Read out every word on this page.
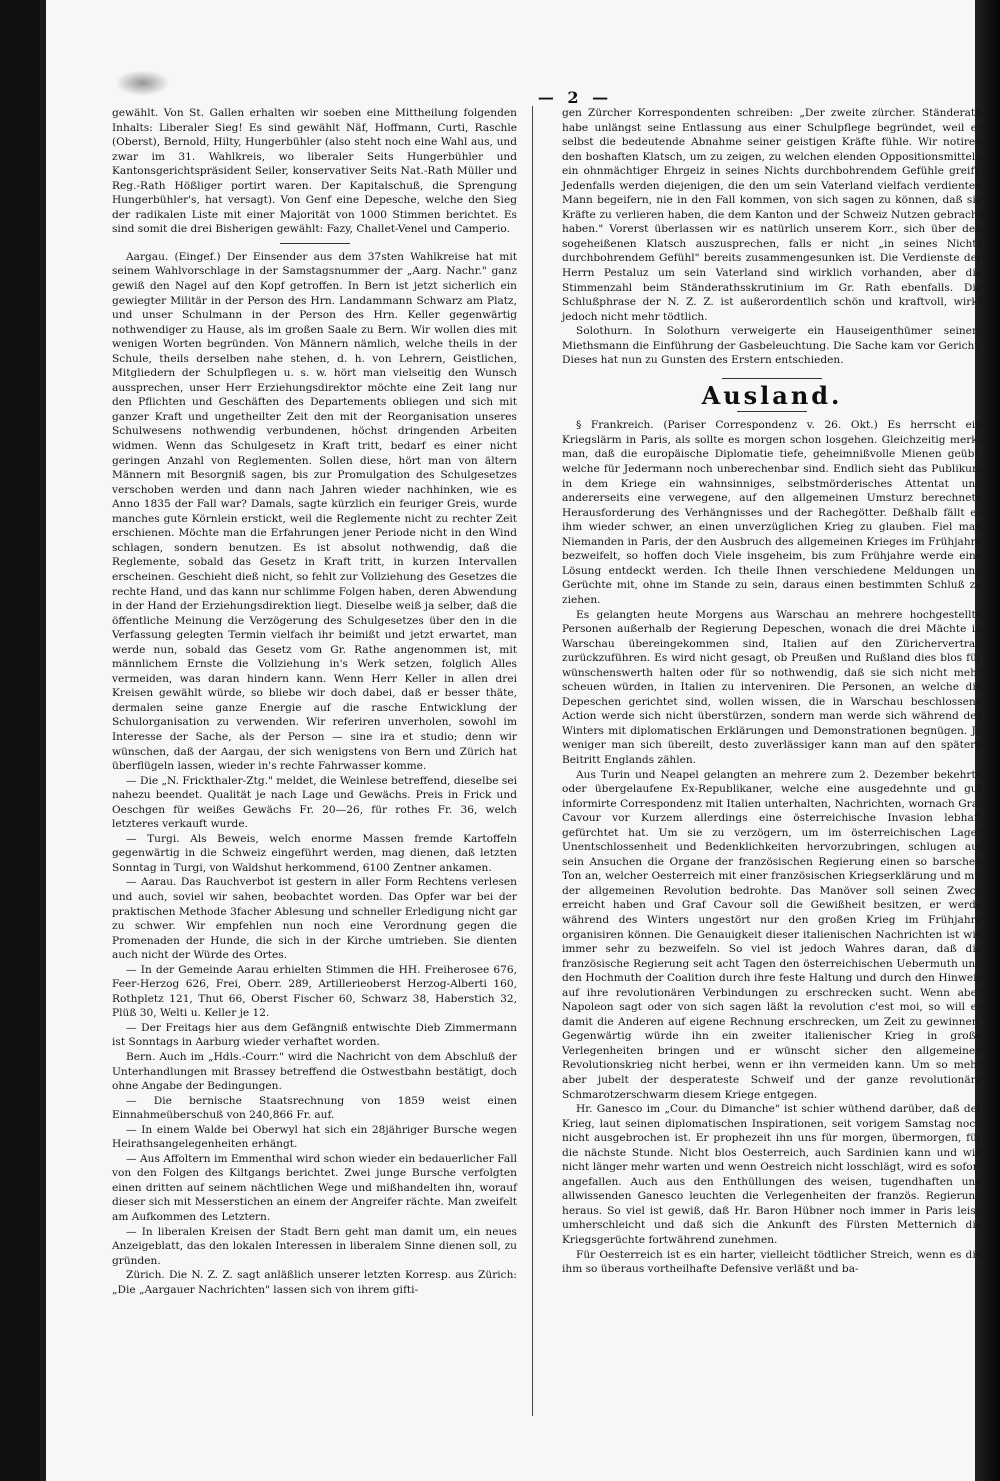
— 2 —

gewählt. Von St. Gallen erhalten wir soeben eine Mittheilung folgenden Inhalts: Liberaler Sieg! Es sind gewählt Näf, Hoffmann, Curti, Raschle (Oberst), Bernold, Hilty, Hungerbühler (also steht noch eine Wahl aus, und zwar im 31. Wahlkreis, wo liberaler Seits Hungerbühler und Kantonsgerichtspräsident Seiler, konservativer Seits Nat.-Rath Müller und Reg.-Rath Hößliger portirt waren. Der Kapitalschuß, die Sprengung Hungerbühler's, hat versagt). Von Genf eine Depesche, welche den Sieg der radikalen Liste mit einer Majorität von 1000 Stimmen berichtet. Es sind somit die drei Bisherigen gewählt: Fazy, Challet-Venel und Camperio.

Aargau. (Eingef.) Der Einsender aus dem 37sten Wahlkreise hat mit seinem Wahlvorschlage in der Samstagsnummer der „Aarg. Nachr." ganz gewiß den Nagel auf den Kopf getroffen. In Bern ist jetzt sicherlich ein gewiegter Militär in der Person des Hrn. Landammann Schwarz am Platz, und unser Schulmann in der Person des Hrn. Keller gegenwärtig nothwendiger zu Hause, als im großen Saale zu Bern. Wir wollen dies mit wenigen Worten begründen. Von Männern nämlich, welche theils in der Schule, theils derselben nahe stehen, d. h. von Lehrern, Geistlichen, Mitgliedern der Schulpflegen u. s. w. hört man vielseitig den Wunsch aussprechen, unser Herr Erziehungsdirektor möchte eine Zeit lang nur den Pflichten und Geschäften des Departements obliegen und sich mit ganzer Kraft und ungetheilter Zeit den mit der Reorganisation unseres Schulwesens nothwendig verbundenen, höchst dringenden Arbeiten widmen. Wenn das Schulgesetz in Kraft tritt, bedarf es einer nicht geringen Anzahl von Reglementen. Sollen diese, hört man von ältern Männern mit Besorgniß sagen, bis zur Promulgation des Schulgesetzes verschoben werden und dann nach Jahren wieder nachhinken, wie es Anno 1835 der Fall war? Damals, sagte kürzlich ein feuriger Greis, wurde manches gute Körnlein erstickt, weil die Reglemente nicht zu rechter Zeit erschienen. Möchte man die Erfahrungen jener Periode nicht in den Wind schlagen, sondern benutzen. Es ist absolut nothwendig, daß die Reglemente, sobald das Gesetz in Kraft tritt, in kurzen Intervallen erscheinen. Geschieht dieß nicht, so fehlt zur Vollziehung des Gesetzes die rechte Hand, und das kann nur schlimme Folgen haben, deren Abwendung in der Hand der Erziehungsdirektion liegt. Dieselbe weiß ja selber, daß die öffentliche Meinung die Verzögerung des Schulgesetzes über den in die Verfassung gelegten Termin vielfach ihr beimißt und jetzt erwartet, man werde nun, sobald das Gesetz vom Gr. Rathe angenommen ist, mit männlichem Ernste die Vollziehung in's Werk setzen, folglich Alles vermeiden, was daran hindern kann. Wenn Herr Keller in allen drei Kreisen gewählt würde, so bliebe wir doch dabei, daß er besser thäte, dermalen seine ganze Energie auf die rasche Entwicklung der Schulorganisation zu verwenden. Wir referiren unverholen, sowohl im Interesse der Sache, als der Person — sine ira et studio; denn wir wünschen, daß der Aargau, der sich wenigstens von Bern und Zürich hat überflügeln lassen, wieder in's rechte Fahrwasser komme.

— Die „N. Frickthaler-Ztg." meldet, die Weinlese betreffend, dieselbe sei nahezu beendet. Qualität je nach Lage und Gewächs. Preis in Frick und Oeschgen für weißes Gewächs Fr. 20—26, für rothes Fr. 36, welch letzteres verkauft wurde.

— Turgi. Als Beweis, welch enorme Massen fremde Kartoffeln gegenwärtig in die Schweiz eingeführt werden, mag dienen, daß letzten Sonntag in Turgi, von Waldshut herkommend, 6100 Zentner ankamen.

— Aarau. Das Rauchverbot ist gestern in aller Form Rechtens verlesen und auch, soviel wir sahen, beobachtet worden. Das Opfer war bei der praktischen Methode 3facher Ablesung und schneller Erledigung nicht gar zu schwer. Wir empfehlen nun noch eine Verordnung gegen die Promenaden der Hunde, die sich in der Kirche umtrieben. Sie dienten auch nicht der Würde des Ortes.

— In der Gemeinde Aarau erhielten Stimmen die HH. Freiherosee 676, Feer-Herzog 626, Frei, Oberr. 289, Artillerieoberst Herzog-Alberti 160, Rothpletz 121, Thut 66, Oberst Fischer 60, Schwarz 38, Haberstich 32, Plüß 30, Welti u. Keller je 12.

— Der Freitags hier aus dem Gefängniß entwischte Dieb Zimmermann ist Sonntags in Aarburg wieder verhaftet worden.

Bern. Auch im „Hdls.-Courr." wird die Nachricht von dem Abschluß der Unterhandlungen mit Brassey betreffend die Ostwestbahn bestätigt, doch ohne Angabe der Bedingungen.

— Die bernische Staatsrechnung von 1859 weist einen Einnahmeüberschuß von 240,866 Fr. auf.

— In einem Walde bei Oberwyl hat sich ein 28jähriger Bursche wegen Heirathsangelegenheiten erhängt.

— Aus Affoltern im Emmenthal wird schon wieder ein bedauerlicher Fall von den Folgen des Kiltgangs berichtet. Zwei junge Bursche verfolgten einen dritten auf seinem nächtlichen Wege und mißhandelten ihn, worauf dieser sich mit Messerstichen an einem der Angreifer rächte. Man zweifelt am Aufkommen des Letztern.

— In liberalen Kreisen der Stadt Bern geht man damit um, ein neues Anzeigeblatt, das den lokalen Interessen in liberalem Sinne dienen soll, zu gründen.

Zürich. Die N. Z. Z. sagt anläßlich unserer letzten Korresp. aus Zürich: „Die „Aargauer Nachrichten" lassen sich von ihrem gifti-

gen Zürcher Korrespondenten schreiben: „Der zweite zürcher. Ständerath habe unlängst seine Entlassung aus einer Schulpflege begründet, weil er selbst die bedeutende Abnahme seiner geistigen Kräfte fühle. Wir notiren den boshaften Klatsch, um zu zeigen, zu welchen elenden Oppositionsmitteln ein ohnmächtiger Ehrgeiz in seines Nichts durchbohrendem Gefühle greift. Jedenfalls werden diejenigen, die den um sein Vaterland vielfach verdienten Mann begeifern, nie in den Fall kommen, von sich sagen zu können, daß sie Kräfte zu verlieren haben, die dem Kanton und der Schweiz Nutzen gebracht haben." Vorerst überlassen wir es natürlich unserem Korr., sich über den sogeheißenen Klatsch auszusprechen, falls er nicht „in seines Nichts durchbohrendem Gefühl" bereits zusammengesunken ist. Die Verdienste der Herrn Pestaluz um sein Vaterland sind wirklich vorhanden, aber die Stimmenzahl beim Ständerathsskrutinium im Gr. Rath ebenfalls. Die Schlußphrase der N. Z. Z. ist außerordentlich schön und kraftvoll, wirkt jedoch nicht mehr tödtlich.

Solothurn. In Solothurn verweigerte ein Hauseigenthümer seinem Miethsmann die Einführung der Gasbeleuchtung. Die Sache kam vor Gericht. Dieses hat nun zu Gunsten des Erstern entschieden.

Ausland.

§ Frankreich. (Pariser Correspondenz v. 26. Okt.) Es herrscht ein Kriegslärm in Paris, als sollte es morgen schon losgehen. Gleichzeitig merkt man, daß die europäische Diplomatie tiefe, geheimnißvolle Mienen geübt, welche für Jedermann noch unberechenbar sind. Endlich sieht das Publikum in dem Kriege ein wahnsinniges, selbstmörderisches Attentat und andererseits eine verwegene, auf den allgemeinen Umsturz berechnete Herausforderung des Verhängnisses und der Rachegötter. Deßhalb fällt es ihm wieder schwer, an einen unverzüglichen Krieg zu glauben. Fiel man Niemanden in Paris, der den Ausbruch des allgemeinen Krieges im Frühjahre bezweifelt, so hoffen doch Viele insgeheim, bis zum Frühjahre werde eine Lösung entdeckt werden. Ich theile Ihnen verschiedene Meldungen und Gerüchte mit, ohne im Stande zu sein, daraus einen bestimmten Schluß zu ziehen.

Es gelangten heute Morgens aus Warschau an mehrere hochgestellte Personen außerhalb der Regierung Depeschen, wonach die drei Mächte in Warschau übereingekommen sind, Italien auf den Zürichervertrag zurückzuführen. Es wird nicht gesagt, ob Preußen und Rußland dies blos für wünschenswerth halten oder für so nothwendig, daß sie sich nicht mehr scheuen würden, in Italien zu interveniren. Die Personen, an welche die Depeschen gerichtet sind, wollen wissen, die in Warschau beschlossene Action werde sich nicht überstürzen, sondern man werde sich während des Winters mit diplomatischen Erklärungen und Demonstrationen begnügen. Je weniger man sich übereilt, desto zuverlässiger kann man auf den spätern Beitritt Englands zählen.

Aus Turin und Neapel gelangten an mehrere zum 2. Dezember bekehrte oder übergelaufene Ex-Republikaner, welche eine ausgedehnte und gut informirte Correspondenz mit Italien unterhalten, Nachrichten, wornach Graf Cavour vor Kurzem allerdings eine österreichische Invasion lebhaft gefürchtet hat. Um sie zu verzögern, um im österreichischen Lager Unentschlossenheit und Bedenklichkeiten hervorzubringen, schlugen auf sein Ansuchen die Organe der französischen Regierung einen so barschen Ton an, welcher Oesterreich mit einer französischen Kriegserklärung und mit der allgemeinen Revolution bedrohte. Das Manöver soll seinen Zweck erreicht haben und Graf Cavour soll die Gewißheit besitzen, er werde während des Winters ungestört nur den großen Krieg im Frühjahre organisiren können. Die Genauigkeit dieser italienischen Nachrichten ist wie immer sehr zu bezweifeln. So viel ist jedoch Wahres daran, daß die französische Regierung seit acht Tagen den österreichischen Uebermuth und den Hochmuth der Coalition durch ihre feste Haltung und durch den Hinweis auf ihre revolutionären Verbindungen zu erschrecken sucht. Wenn aber Napoleon sagt oder von sich sagen läßt la revolution c'est moi, so will er damit die Anderen auf eigene Rechnung erschrecken, um Zeit zu gewinnen. Gegenwärtig würde ihn ein zweiter italienischer Krieg in große Verlegenheiten bringen und er wünscht sicher den allgemeinen Revolutionskrieg nicht herbei, wenn er ihn vermeiden kann. Um so mehr aber jubelt der desperateste Schweif und der ganze revolutionäre Schmarotzerschwarm diesem Kriege entgegen.

Hr. Ganesco im „Cour. du Dimanche" ist schier wüthend darüber, daß der Krieg, laut seinen diplomatischen Inspirationen, seit vorigem Samstag noch nicht ausgebrochen ist. Er prophezeit ihn uns für morgen, übermorgen, für die nächste Stunde. Nicht blos Oesterreich, auch Sardinien kann und will nicht länger mehr warten und wenn Oestreich nicht losschlägt, wird es sofort angefallen. Auch aus den Enthüllungen des weisen, tugendhaften und allwissenden Ganesco leuchten die Verlegenheiten der französ. Regierung heraus. So viel ist gewiß, daß Hr. Baron Hübner noch immer in Paris leise umherschleicht und daß sich die Ankunft des Fürsten Metternich die Kriegsgerüchte fortwährend zunehmen.

Für Oesterreich ist es ein harter, vielleicht tödtlicher Streich, wenn es die ihm so überaus vortheilhafte Defensive verläßt und ba-
